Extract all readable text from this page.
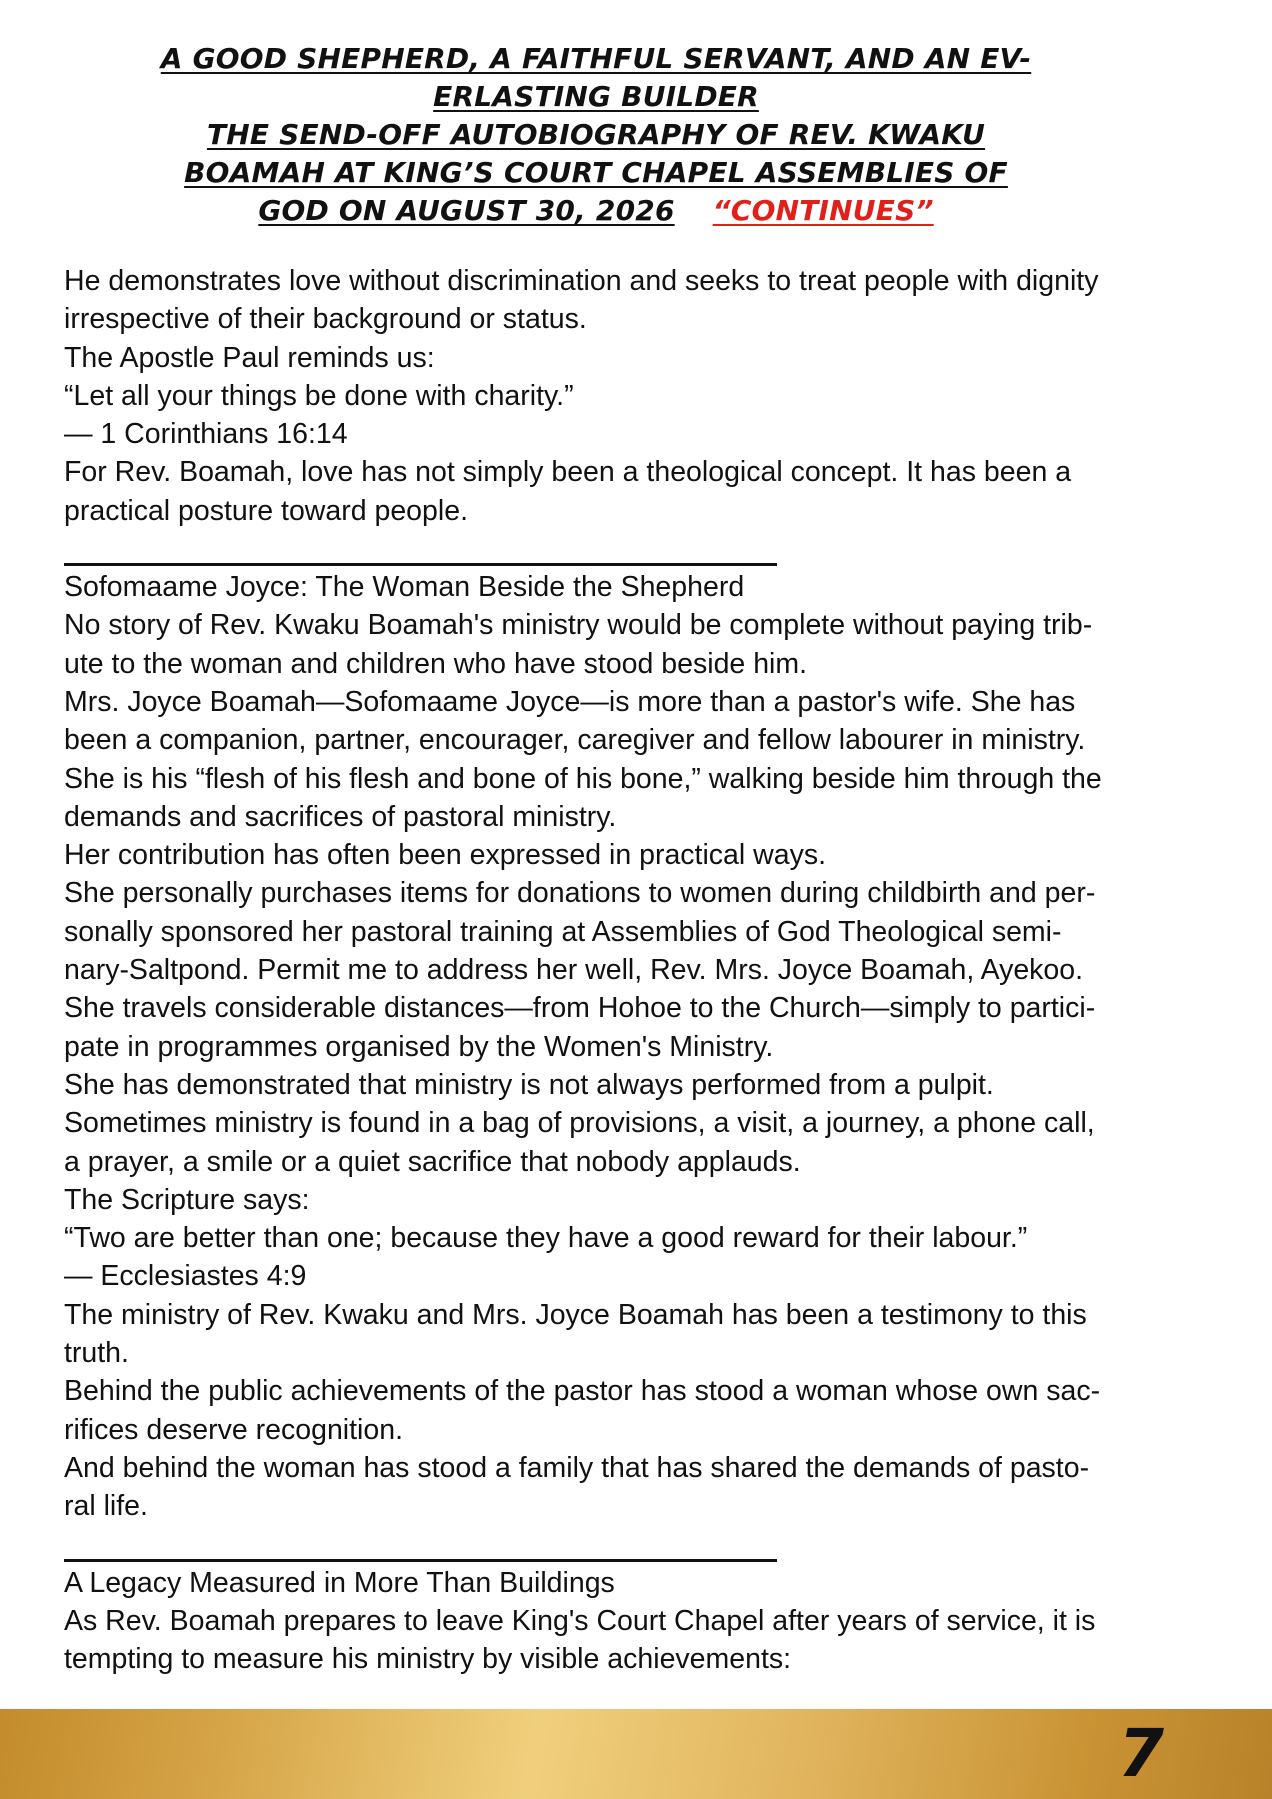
A GOOD SHEPHERD, A FAITHFUL SERVANT, AND AN EV-
ERLASTING BUILDER
THE SEND-OFF AUTOBIOGRAPHY OF REV. KWAKU
BOAMAH AT KING’S COURT CHAPEL ASSEMBLIES OF
GOD ON AUGUST 30, 2026 “CONTINUES”

He demonstrates love without discrimination and seeks to treat people with dignity

irrespective of their background or status.

The Apostle Paul reminds us:

“Let all your things be done with charity.”

— 1 Corinthians 16:14

For Rev. Boamah, love has not simply been a theological concept. It has been a

practical posture toward people.

Sofomaame Joyce: The Woman Beside the Shepherd

No story of Rev. Kwaku Boamah's ministry would be complete without paying trib-

ute to the woman and children who have stood beside him.

Mrs. Joyce Boamah—Sofomaame Joyce—is more than a pastor's wife. She has

been a companion, partner, encourager, caregiver and fellow labourer in ministry.

She is his “flesh of his flesh and bone of his bone,” walking beside him through the

demands and sacrifices of pastoral ministry.

Her contribution has often been expressed in practical ways.

She personally purchases items for donations to women during childbirth and per-

sonally sponsored her pastoral training at Assemblies of God Theological semi-

nary-Saltpond. Permit me to address her well, Rev. Mrs. Joyce Boamah, Ayekoo.

She travels considerable distances—from Hohoe to the Church—simply to partici-

pate in programmes organised by the Women's Ministry.

She has demonstrated that ministry is not always performed from a pulpit.

Sometimes ministry is found in a bag of provisions, a visit, a journey, a phone call,

a prayer, a smile or a quiet sacrifice that nobody applauds.

The Scripture says:

“Two are better than one; because they have a good reward for their labour.”

— Ecclesiastes 4:9

The ministry of Rev. Kwaku and Mrs. Joyce Boamah has been a testimony to this

truth.

Behind the public achievements of the pastor has stood a woman whose own sac-

rifices deserve recognition.

And behind the woman has stood a family that has shared the demands of pasto-

ral life.

A Legacy Measured in More Than Buildings

As Rev. Boamah prepares to leave King's Court Chapel after years of service, it is

tempting to measure his ministry by visible achievements:

7
